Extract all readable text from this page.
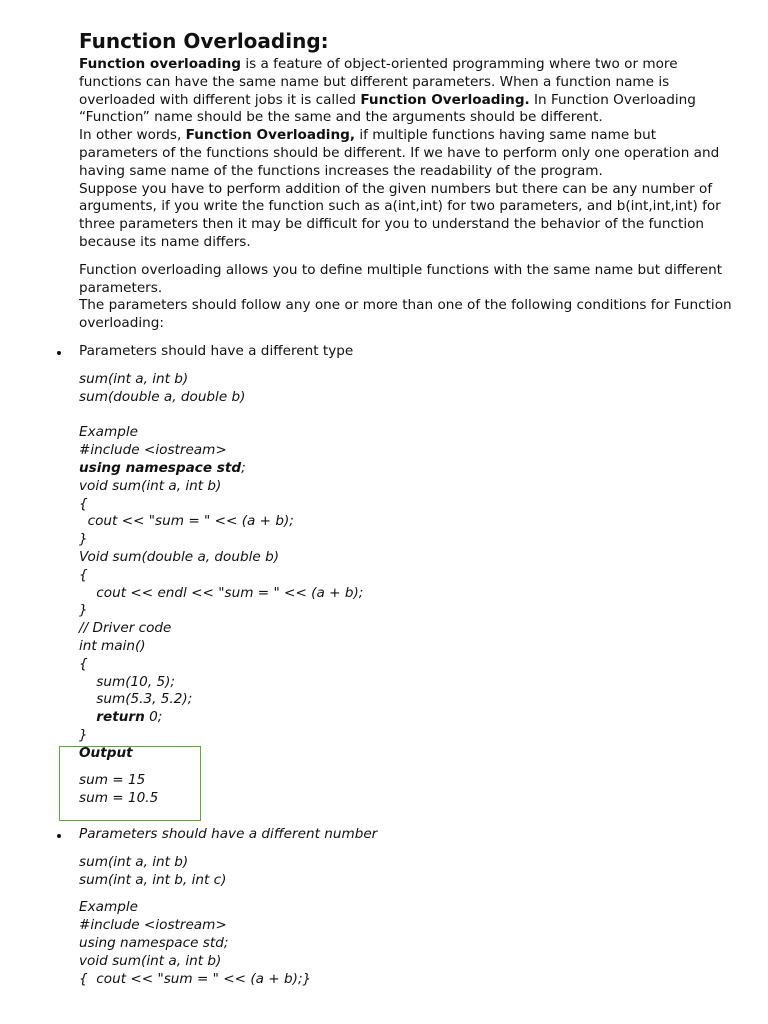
Function Overloading:

Function overloading is a feature of object-oriented programming where two or more functions can have the same name but different parameters. When a function name is overloaded with different jobs it is called Function Overloading. In Function Overloading “Function” name should be the same and the arguments should be different.

In other words, Function Overloading, if multiple functions having same name but parameters of the functions should be different. If we have to perform only one operation and having same name of the functions increases the readability of the program.

Suppose you have to perform addition of the given numbers but there can be any number of arguments, if you write the function such as a(int,int) for two parameters, and b(int,int,int) for three parameters then it may be difficult for you to understand the behavior of the function because its name differs.

Function overloading allows you to define multiple functions with the same name but different parameters.

The parameters should follow any one or more than one of the following conditions for Function overloading:

Parameters should have a different type
sum(int a, int b)
sum(double a, double b)
Example
#include <iostream>
using namespace std;
void sum(int a, int b)
{
cout << "sum = " << (a + b);
}
Void sum(double a, double b)
{
cout << endl << "sum = " << (a + b);
}
// Driver code
int main()
{
sum(10, 5);
sum(5.3, 5.2);
return 0;
}
Output
sum = 15
sum = 10.5
Parameters should have a different number
sum(int a, int b)
sum(int a, int b, int c)
Example
#include <iostream>
using namespace std;
void sum(int a, int b)
{  cout << "sum = " << (a + b);}
